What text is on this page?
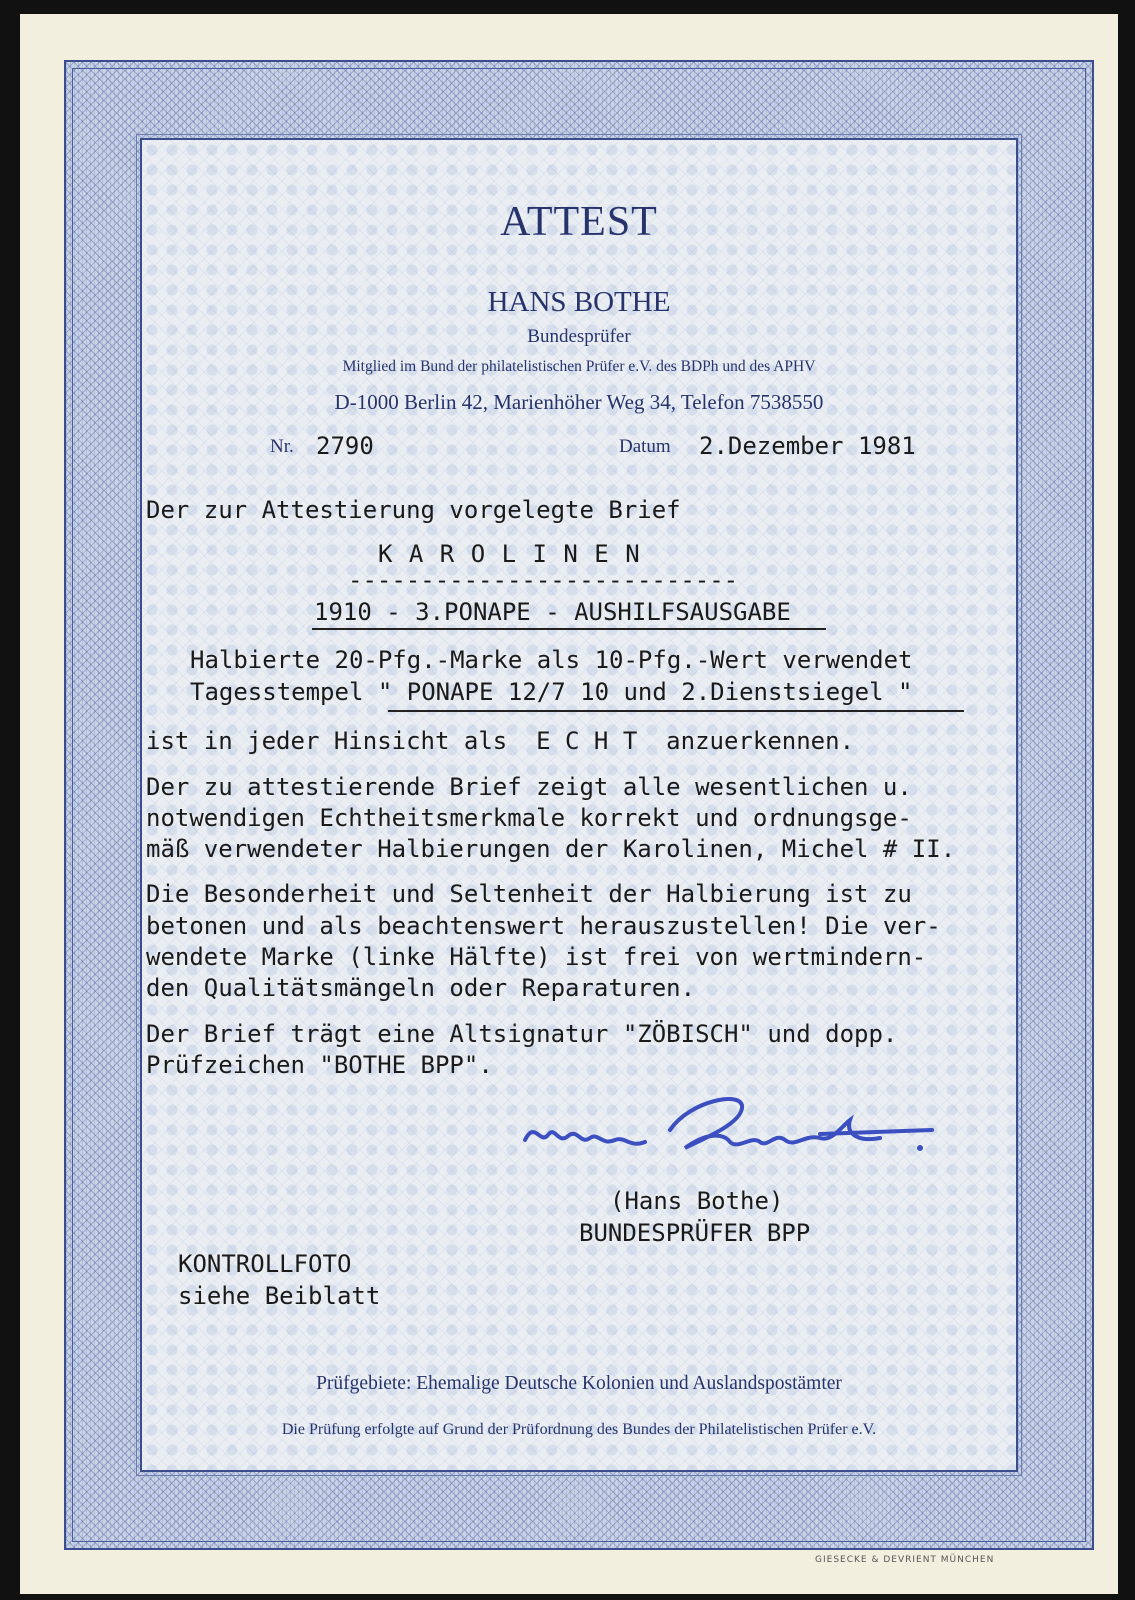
ATTEST
HANS BOTHE
Bundesprüfer
Mitglied im Bund der philatelistischen Prüfer e.V. des BDPh und des APHV
D-1000 Berlin 42, Marienhöher Weg 34, Telefon 7538550
Nr. 2790	Datum 2.Dezember 1981
Der zur Attestierung vorgelegte Brief
K A R O L I N E N
---------------------------
1910 - 3.PONAPE - AUSHILFSAUSGABE
Halbierte 20-Pfg.-Marke als 10-Pfg.-Wert verwendet
Tagesstempel " PONAPE 12/7 10 und 2.Dienstsiegel "
ist in jeder Hinsicht als  E C H T  anzuerkennen.
Der zu attestierende Brief zeigt alle wesentlichen u.
notwendigen Echtheitsmerkmale korrekt und ordnungsge-
mäß verwendeter Halbierungen der Karolinen, Michel # II.
Die Besonderheit und Seltenheit der Halbierung ist zu
betonen und als beachtenswert herauszustellen! Die ver-
wendete Marke (linke Hälfte) ist frei von wertmindern-
den Qualitätsmängeln oder Reparaturen.
Der Brief trägt eine Altsignatur "ZÖBISCH" und dopp.
Prüfzeichen "BOTHE BPP".
(Hans Bothe)
BUNDESPRÜFER BPP
KONTROLLFOTO
siehe Beiblatt
Prüfgebiete: Ehemalige Deutsche Kolonien und Auslandspostämter
Die Prüfung erfolgte auf Grund der Prüfordnung des Bundes der Philatelistischen Prüfer e.V.
GIESECKE & DEVRIENT MÜNCHEN
